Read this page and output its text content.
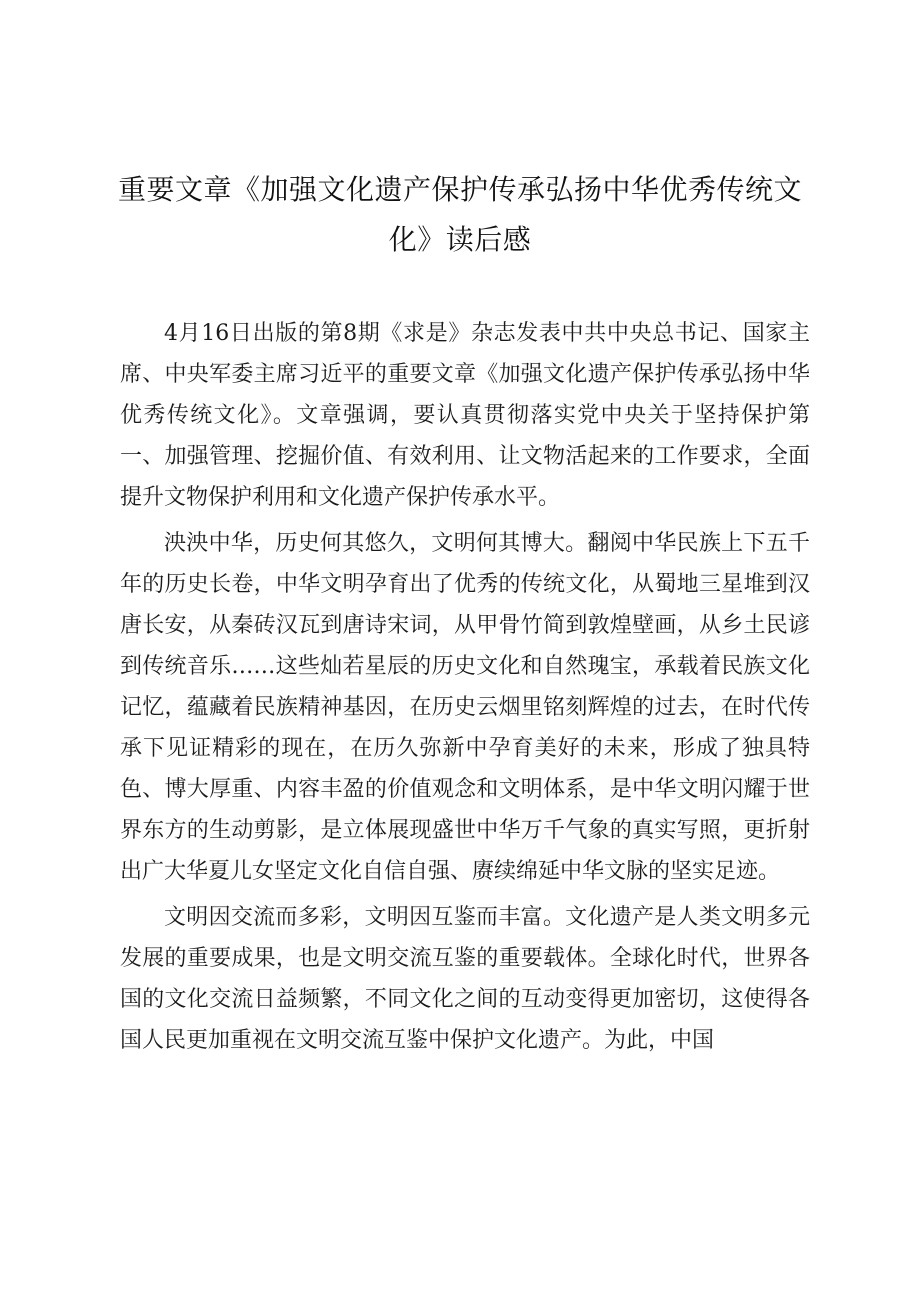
重要文章《加强文化遗产保护传承弘扬中华优秀传统文化》读后感

4月16日出版的第8期《求是》杂志发表中共中央总书记、国家主席、中央军委主席习近平的重要文章《加强文化遗产保护传承弘扬中华优秀传统文化》。文章强调，要认真贯彻落实党中央关于坚持保护第一、加强管理、挖掘价值、有效利用、让文物活起来的工作要求，全面提升文物保护利用和文化遗产保护传承水平。

泱泱中华，历史何其悠久，文明何其博大。翻阅中华民族上下五千年的历史长卷，中华文明孕育出了优秀的传统文化，从蜀地三星堆到汉唐长安，从秦砖汉瓦到唐诗宋词，从甲骨竹简到敦煌壁画，从乡土民谚到传统音乐……这些灿若星辰的历史文化和自然瑰宝，承载着民族文化记忆，蕴藏着民族精神基因，在历史云烟里铭刻辉煌的过去，在时代传承下见证精彩的现在，在历久弥新中孕育美好的未来，形成了独具特色、博大厚重、内容丰盈的价值观念和文明体系，是中华文明闪耀于世界东方的生动剪影，是立体展现盛世中华万千气象的真实写照，更折射出广大华夏儿女坚定文化自信自强、赓续绵延中华文脉的坚实足迹。

文明因交流而多彩，文明因互鉴而丰富。文化遗产是人类文明多元发展的重要成果，也是文明交流互鉴的重要载体。全球化时代，世界各国的文化交流日益频繁，不同文化之间的互动变得更加密切，这使得各国人民更加重视在文明交流互鉴中保护文化遗产。为此，中国
